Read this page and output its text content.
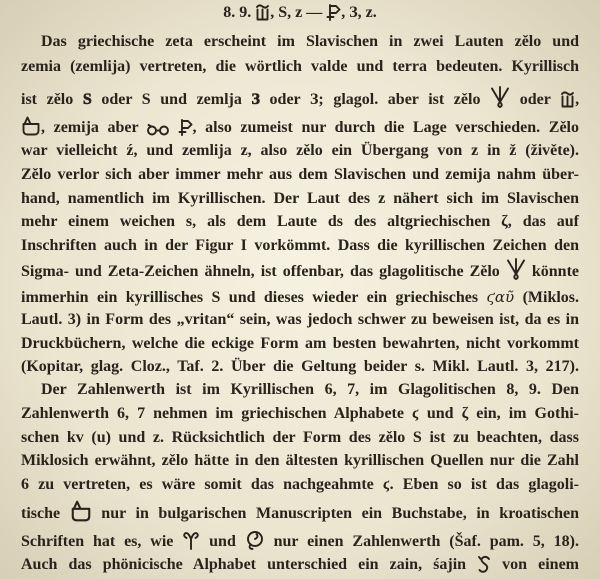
8. 9. , S, z — , З, z.
Das griechische zeta erscheint im Slavischen in zwei Lauten zělo und
zemia (zemlija) vertreten, die wörtlich valde und terra bedeuten. Kyrillisch
ist zělo S oder S und zemlja З oder З; glagol. aber ist zělo oder ,
, zemija aber
	, also zumeist nur durch die Lage verschieden. Zělo
war vielleicht ź, und zemlija z, also zělo ein Übergang von z in ž (živěte).
Zělo verlor sich aber immer mehr aus dem Slavischen und zemija nahm über-
hand, namentlich im Kyrillischen. Der Laut des z nähert sich im Slavischen
mehr einem weichen s, als dem Laute ds des altgriechischen ζ, das auf
Inschriften auch in der Figur I vorkömmt. Dass die kyrillischen Zeichen den
Sigma- und Zeta-Zeichen ähneln, ist offenbar, das glagolitische Zělo könnte
immerhin ein kyrillisches S und dieses wieder ein griechisches ϛαῦ (Miklos.
Lautl. 3) in Form des „vritan“ sein, was jedoch schwer zu beweisen ist, da es in
Druckbüchern, welche die eckige Form am besten bewahrten, nicht vorkommt
(Kopitar, glag. Cloz., Taf. 2. Über die Geltung beider s. Mikl. Lautl. 3, 217).
Der Zahlenwerth ist im Kyrillischen 6, 7, im Glagolitischen 8, 9. Den
Zahlenwerth 6, 7 nehmen im griechischen Alphabete ϛ und ζ ein, im Gothi-
schen kv (u) und z. Rücksichtlich der Form des zělo S ist zu beachten, dass
Miklosich erwähnt, zělo hätte in den ältesten kyrillischen Quellen nur die Zahl
6 zu vertreten, es wäre somit das nachgeahmte ϛ. Eben so ist das glagoli-
tische	nur in bulgarischen Manuscripten ein Buchstabe, in kroatischen
Schriften hat es, wie und nur einen Zahlenwerth (Šaf. pam. 5, 18).
Auch das phönicische Alphabet unterschied ein zain, śajin von einem
